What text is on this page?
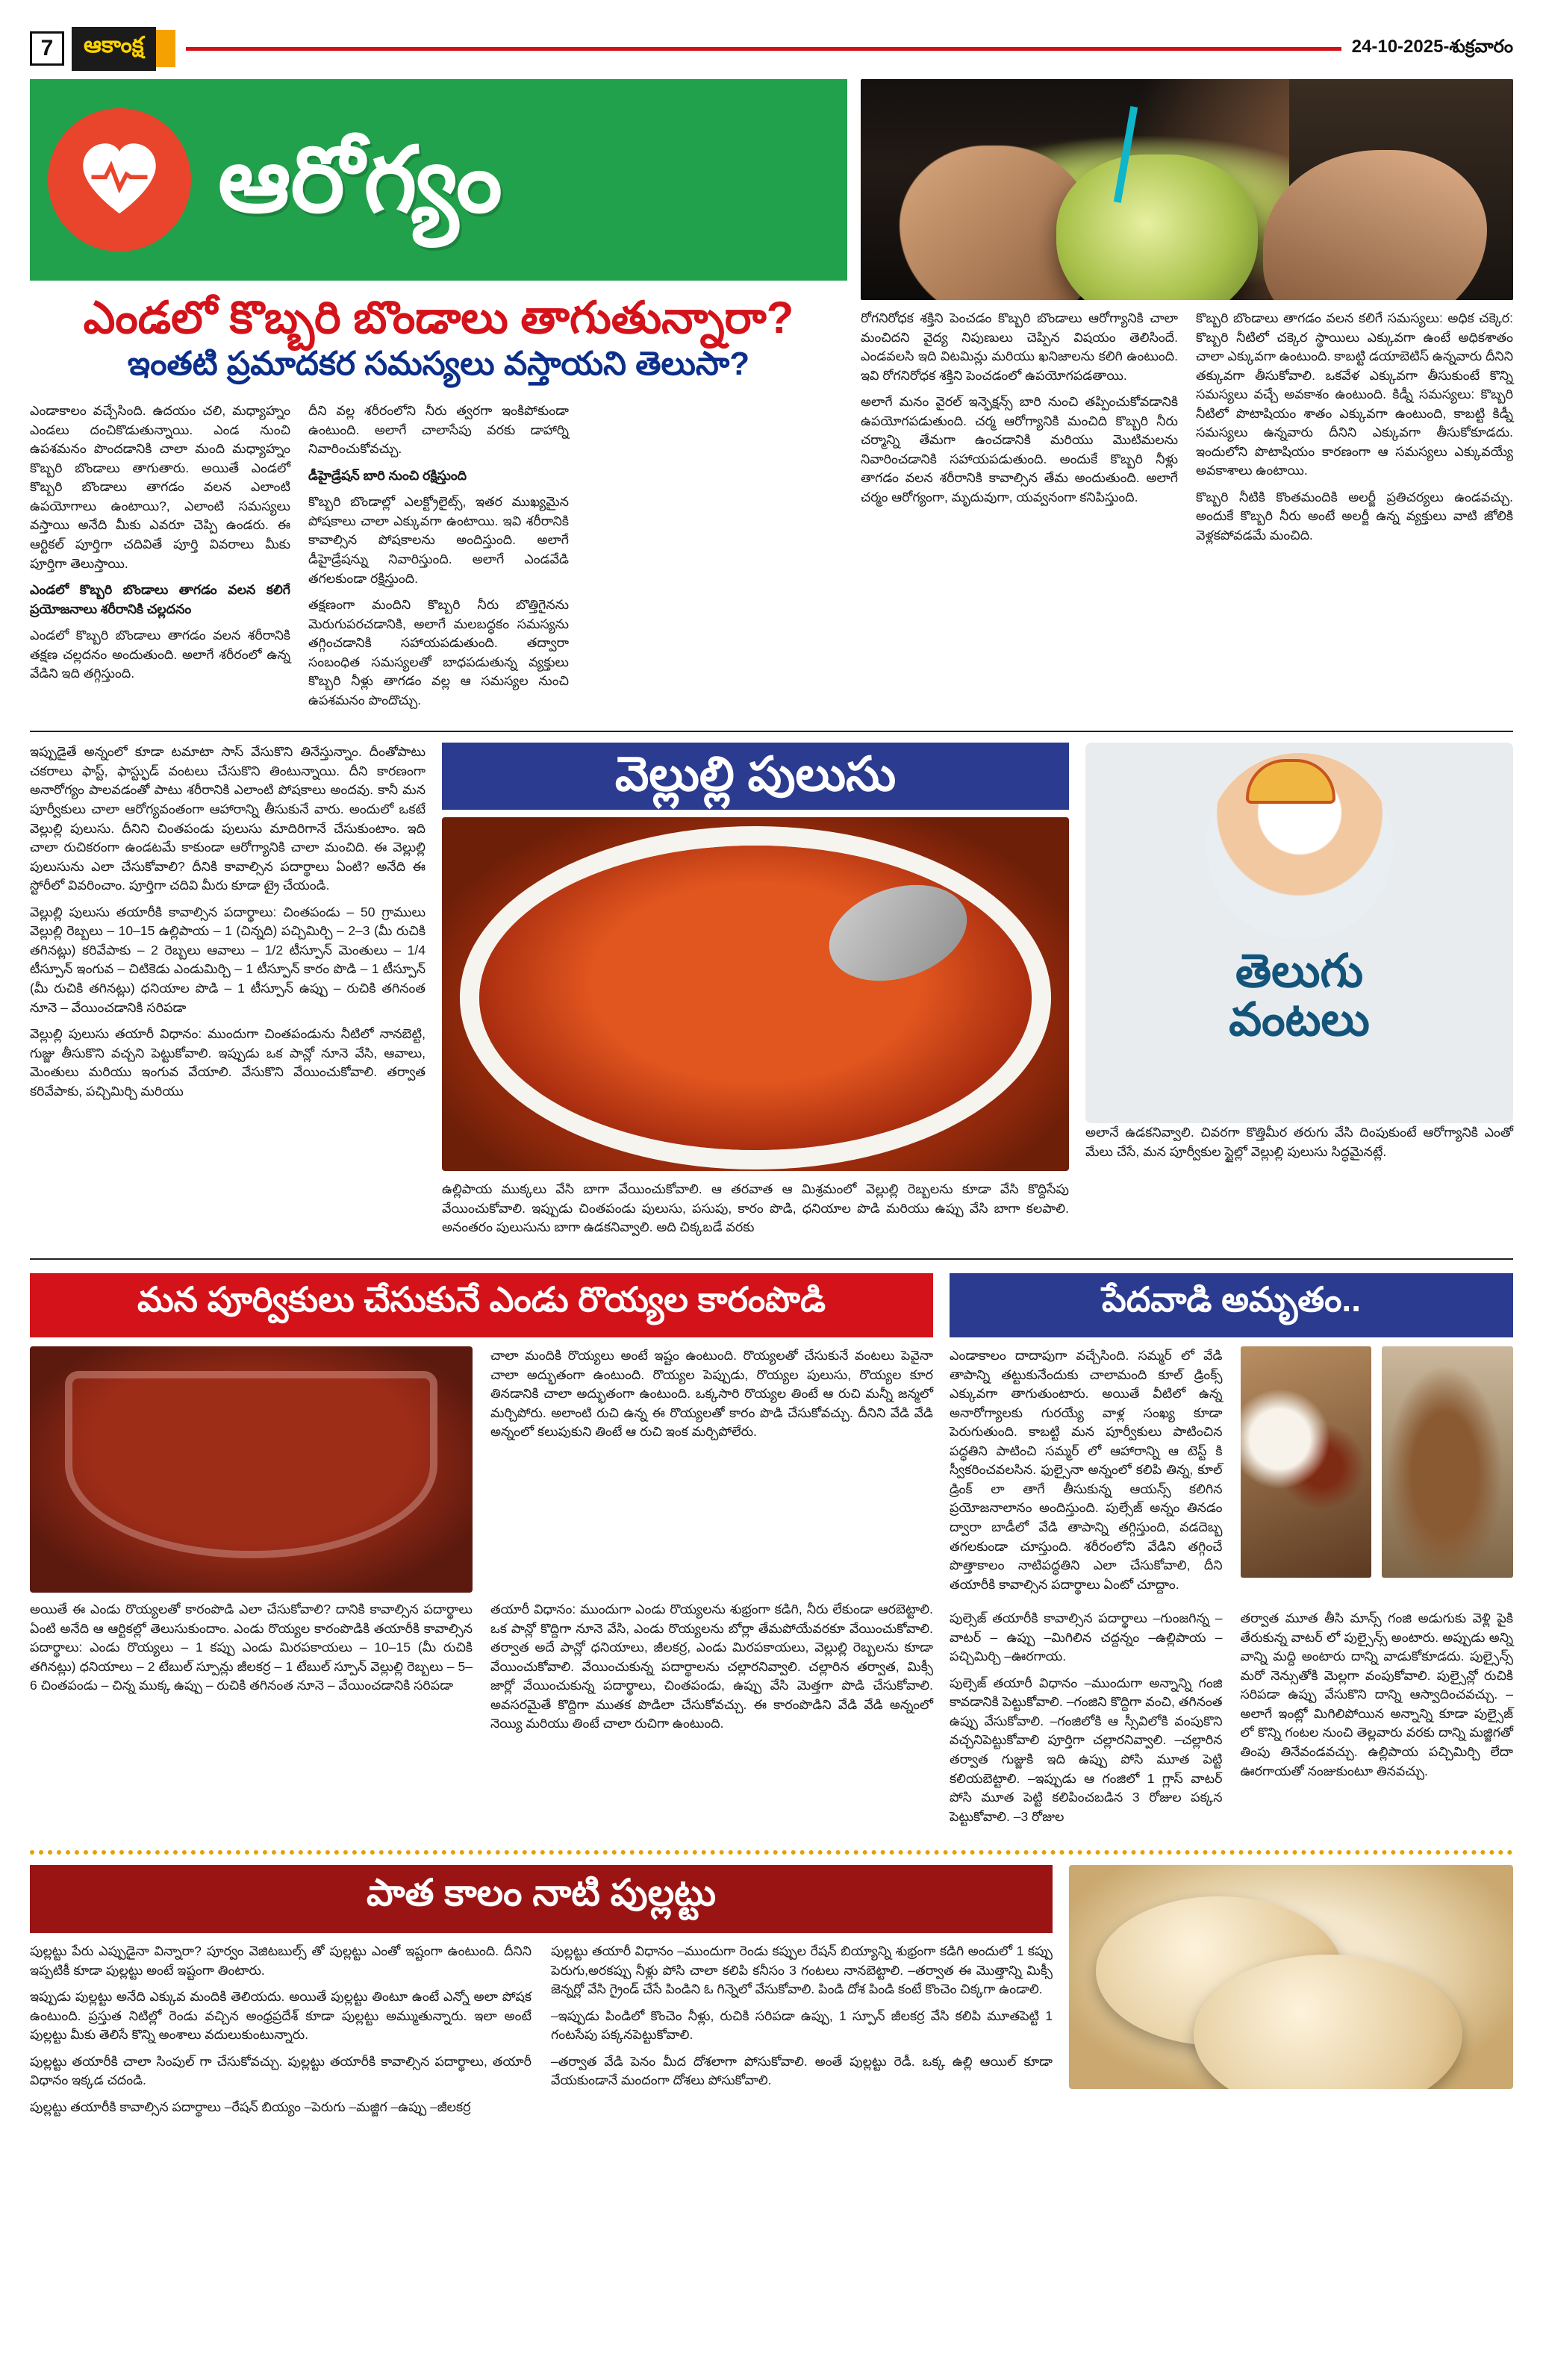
7	ఆకాంక్ష	24-10-2025-శుక్రవారం
ఆరోగ్యం
ఎండలో కొబ్బరి బొండాలు తాగుతున్నారా?
ఇంతటి ప్రమాదకర సమస్యలు వస్తాయని తెలుసా?

ఎండాకాలం వచ్చేసింది. ఉదయం చలి, మధ్యాహ్నం ఎండలు దంచికొడుతున్నాయి. ఎండ నుంచి ఉపశమనం పొందడానికి చాలా మంది మధ్యాహ్నం కొబ్బరి బొండాలు తాగుతారు. అయితే ఎండలో కొబ్బరి బొండాలు తాగడం వలన ఎలాంటి ఉపయోగాలు ఉంటాయి?, ఎలాంటి సమస్యలు వస్తాయి అనేది మీకు ఎవరూ చెప్పి ఉండరు. ఈ ఆర్టికల్ పూర్తిగా చదివితే పూర్తి వివరాలు మీకు పూర్తిగా తెలుస్తాయి.

ఎండలో కొబ్బరి బొండాలు తాగడం వలన కలిగే ప్రయోజనాలు శరీరానికి చల్లదనం

ఎండలో కొబ్బరి బొండాలు తాగడం వలన శరీరానికి తక్షణ చల్లదనం అందుతుంది. అలాగే శరీరంలో ఉన్న వేడిని ఇది తగ్గిస్తుంది.

దీని వల్ల శరీరంలోని నీరు త్వరగా ఇంకిపోకుండా ఉంటుంది. అలాగే చాలాసేపు వరకు డాహార్ని నివారించుకోవచ్చు.

డీహైడ్రేషన్ బారి నుంచి రక్షిస్తుంది

కొబ్బరి బొండాల్లో ఎలక్ట్రోలైట్స్, ఇతర ముఖ్యమైన పోషకాలు చాలా ఎక్కువగా ఉంటాయి. ఇవి శరీరానికి కావాల్సిన పోషకాలను అందిస్తుంది. అలాగే డీహైడ్రేషన్ను నివారిస్తుంది. అలాగే ఎండవేడి తగలకుండా రక్షిస్తుంది.

తక్షణంగా మందిని కొబ్బరి నీరు బొత్తిగైనను మెరుగుపరచడానికి, అలాగే మలబద్ధకం సమస్యను తగ్గించడానికి సహాయపడుతుంది. తద్వారా సంబంధిత సమస్యలతో బాధపడుతున్న వ్యక్తులు కొబ్బరి నీళ్లు తాగడం వల్ల ఆ సమస్యల నుంచి ఉపశమనం పొందొచ్చు.

రోగనిరోధక శక్తిని పెంచడం కొబ్బరి బొండాలు ఆరోగ్యానికి చాలా మంచిదని వైద్య నిపుణులు చెప్పిన విషయం తెలిసిందే. ఎండవలసి ఇది విటమిన్లు మరియు ఖనిజాలను కలిగి ఉంటుంది. ఇవి రోగనిరోధక శక్తిని పెంచడంలో ఉపయోగపడతాయి.

అలాగే మనం వైరల్ ఇన్ఫెక్షన్స్ బారి నుంచి తప్పించుకోవడానికి ఉపయోగపడుతుంది. చర్మ ఆరోగ్యానికి మంచిది కొబ్బరి నీరు చర్మాన్ని తేమగా ఉంచడానికి మరియు మొటిమలను నివారించడానికి సహాయపడుతుంది. అందుకే కొబ్బరి నీళ్లు తాగడం వలన శరీరానికి కావాల్సిన తేమ అందుతుంది. అలాగే చర్మం ఆరోగ్యంగా, మృదువుగా, యవ్వనంగా కనిపిస్తుంది.

కొబ్బరి బొండాలు తాగడం వలన కలిగే సమస్యలు: అధిక చక్కెర: కొబ్బరి నీటిలో చక్కెర స్థాయిలు ఎక్కువగా ఉంటే అధికశాతం చాలా ఎక్కువగా ఉంటుంది. కాబట్టి డయాబెటిస్ ఉన్నవారు దీనిని తక్కువగా తీసుకోవాలి. ఒకవేళ ఎక్కువగా తీసుకుంటే కొన్ని సమస్యలు వచ్చే అవకాశం ఉంటుంది. కిడ్నీ సమస్యలు: కొబ్బరి నీటిలో పొటాషియం శాతం ఎక్కువగా ఉంటుంది, కాబట్టి కిడ్నీ సమస్యలు ఉన్నవారు దీనిని ఎక్కువగా తీసుకోకూడదు. ఇందులోని పొటాషియం కారణంగా ఆ సమస్యలు ఎక్కువయ్యే అవకాశాలు ఉంటాయి.

కొబ్బరి నీటికి కొంతమందికి అలర్జీ ప్రతిచర్యలు ఉండవచ్చు. అందుకే కొబ్బరి నీరు అంటే అలర్జీ ఉన్న వ్యక్తులు వాటి జోలికి వెళ్లకపోవడమే మంచిది.

ఇప్పుడైతే అన్నంలో కూడా టమాటా సాస్ వేసుకొని తినేస్తున్నాం. దీంతోపాటు చకరాలు ఫాస్ట్, ఫాస్ట్ఫుడ్ వంటలు చేసుకొని తింటున్నాయి. దీని కారణంగా అనారోగ్యం పాలవడంతో పాటు శరీరానికి ఎలాంటి పోషకాలు అందవు. కానీ మన పూర్వీకులు చాలా ఆరోగ్యవంతంగా ఆహారాన్ని తీసుకునే వారు. అందులో ఒకటే వెల్లుల్లి పులుసు. దీనిని చింతపండు పులుసు మాదిరిగానే చేసుకుంటాం. ఇది చాలా రుచికరంగా ఉండటమే కాకుండా ఆరోగ్యానికి చాలా మంచిది. ఈ వెల్లుల్లి పులుసును ఎలా చేసుకోవాలి? దీనికి కావాల్సిన పదార్థాలు ఏంటి? అనేది ఈ స్టోరీలో వివరించాం. పూర్తిగా చదివి మీరు కూడా ట్రై చేయండి.

వెల్లుల్లి పులుసు తయారీకి కావాల్సిన పదార్థాలు: చింతపండు – 50 గ్రాములు వెల్లుల్లి రెబ్బలు – 10–15 ఉల్లిపాయ – 1 (చిన్నది) పచ్చిమిర్చి – 2–3 (మీ రుచికి తగినట్లు) కరివేపాకు – 2 రెబ్బలు ఆవాలు – 1/2 టీస్పూన్ మెంతులు – 1/4 టీస్పూన్ ఇంగువ – చిటికెడు ఎండుమిర్చి – 1 టీస్పూన్ కారం పొడి – 1 టీస్పూన్ (మీ రుచికి తగినట్లు) ధనియాల పొడి – 1 టీస్పూన్ ఉప్పు – రుచికి తగినంత నూనె – వేయించడానికి సరిపడా

వెల్లుల్లి పులుసు తయారీ విధానం: ముందుగా చింతపండును నీటిలో నానబెట్టి, గుజ్జు తీసుకొని వచ్చని పెట్టుకోవాలి. ఇప్పుడు ఒక పాన్లో నూనె వేసి, ఆవాలు, మెంతులు మరియు ఇంగువ వేయాలి. వేసుకొని వేయించుకోవాలి. తర్వాత కరివేపాకు, పచ్చిమిర్చి మరియు

వెల్లుల్లి పులుసు

ఉల్లిపాయ ముక్కలు వేసి బాగా వేయించుకోవాలి. ఆ తరవాత ఆ మిశ్రమంలో వెల్లుల్లి రెబ్బలను కూడా వేసి కొద్దిసేపు వేయించుకోవాలి. ఇప్పుడు చింతపండు పులుసు, పసుపు, కారం పొడి, ధనియాల పొడి మరియు ఉప్పు వేసి బాగా కలపాలి. అనంతరం పులుసును బాగా ఉడకనివ్వాలి. అది చిక్కబడే వరకు

తెలుగు
వంటలు

అలానే ఉడకనివ్వాలి. చివరగా కొత్తిమీర తరుగు వేసి దింపుకుంటే ఆరోగ్యానికి ఎంతో మేలు చేసే, మన పూర్వీకుల స్టైల్లో వెల్లుల్లి పులుసు సిద్ధమైనట్లే.

మన పూర్వికులు చేసుకునే ఎండు రొయ్యల కారంపొడి

చాలా మందికి రొయ్యలు అంటే ఇష్టం ఉంటుంది. రొయ్యలతో చేసుకునే వంటలు పెవైనా చాలా అద్భుతంగా ఉంటుంది. రొయ్యల పెప్పుడు, రొయ్యల పులుసు, రొయ్యల కూర తినడానికి చాలా అద్భుతంగా ఉంటుంది. ఒక్కసారి రొయ్యల తింటే ఆ రుచి మన్నీ జన్మలో మర్చిపోరు. అలాంటి రుచి ఉన్న ఈ రొయ్యలతో కారం పొడి చేసుకోవచ్చు. దీనిని వేడి వేడి అన్నంలో కలుపుకుని తింటే ఆ రుచి ఇంక మర్చిపోలేరు.

అయితే ఈ ఎండు రొయ్యలతో కారంపొడి ఎలా చేసుకోవాలి? దానికి కావాల్సిన పదార్థాలు ఏంటి అనేది ఆ ఆర్టికల్లో తెలుసుకుందాం. ఎండు రొయ్యల కారంపొడికి తయారీకి కావాల్సిన పదార్థాలు: ఎండు రొయ్యలు – 1 కప్పు ఎండు మిరపకాయలు – 10–15 (మీ రుచికి తగినట్లు) ధనియాలు – 2 టేబుల్ స్పూన్లు జీలకర్ర – 1 టేబుల్ స్పూన్ వెల్లుల్లి రెబ్బలు – 5–6 చింతపండు – చిన్న ముక్క ఉప్పు – రుచికి తగినంత నూనె – వేయించడానికి సరిపడా

తయారీ విధానం: ముందుగా ఎండు రొయ్యలను శుభ్రంగా కడిగి, నీరు లేకుండా ఆరబెట్టాలి. ఒక పాన్లో కొద్దిగా నూనె వేసి, ఎండు రొయ్యలను బోర్లా తేమపోయేవరకూ వేయించుకోవాలి. తర్వాత అదే పాన్లో ధనియాలు, జీలకర్ర, ఎండు మిరపకాయలు, వెల్లుల్లి రెబ్బలను కూడా వేయించుకోవాలి. వేయించుకున్న పదార్థాలను చల్లారనివ్వాలి. చల్లారిన తర్వాత, మిక్సీ జార్లో వేయించుకున్న పదార్థాలు, చింతపండు, ఉప్పు వేసి మెత్తగా పొడి చేసుకోవాలి. అవసరమైతే కొద్దిగా ముతక పొడిలా చేసుకోవచ్చు. ఈ కారంపొడిని వేడి వేడి అన్నంలో నెయ్యి మరియు తింటే చాలా రుచిగా ఉంటుంది.

పేదవాడి అమృతం..

ఎండాకాలం దాదాపుగా వచ్చేసింది. సమ్మర్ లో వేడి తాపాన్ని తట్టుకునేందుకు చాలామంది కూల్ డ్రింక్స్ ఎక్కువగా తాగుతుంటారు. అయితే వీటిలో ఉన్న అనారోగ్యాలకు గురయ్యే వాళ్ల సంఖ్య కూడా పెరుగుతుంది. కాబట్టి మన పూర్వీకులు పాటించిన పద్ధతిని పాటించి సమ్మర్ లో ఆహారాన్ని ఆ టెస్ట్ కి స్వీకరించవలసిన. ఫుల్సైనా అన్నంలో కలిపి తిన్న, కూల్ డ్రింక్ లా తాగే తీసుకున్న ఆయన్స్ కలిగిన ప్రయోజనాలానం అందిస్తుంది. పుల్సేజ్ అన్నం తినడం ద్వారా బాడీలో వేడి తాపాన్ని తగ్గిస్తుంది, వడదెబ్బ తగలకుండా చూస్తుంది. శరీరంలోని వేడిని తగ్గించే పొత్తాకాలం నాటిపద్ధతిని ఎలా చేసుకోవాలి, దీని తయారీకి కావాల్సిన పదార్థాలు ఏంటో చూద్దాం.

పుల్సెజ్ తయారీకి కావాల్సిన పదార్థాలు –గుంజగిన్న –వాటర్ – ఉప్పు –మిగిలిన చద్దన్నం –ఉల్లిపాయ –పచ్చిమిర్చి –ఊరగాయ.

పుల్సెజ్ తయారీ విధానం –ముందుగా అన్నాన్ని గంజి కావడానికి పెట్టుకోవాలి. –గంజిని కొద్దిగా వంచి, తగినంత ఉప్పు వేసుకోవాలి. –గంజిలోకి ఆ స్సీవిలోకి వంపుకొని వచ్చనిపెట్టుకోవాలి పూర్తిగా చల్లారనివ్వాలి. –చల్లారిన తర్వాత గుజ్జుకి ఇది ఉప్పు పోసి మూత పెట్టి కలియబెట్టాలి. –ఇప్పుడు ఆ గంజిలో 1 గ్లాస్ వాటర్ పోసి మూత పెట్టి కలిపించబడిన 3 రోజుల పక్కన పెట్టుకోవాలి. –3 రోజుల

తర్వాత మూత తీసి మాన్స్ గంజి అడుగుకు వెళ్లి పైకి తేరుకున్న వాటర్ లో పుల్సైన్స్ అంటారు. అప్పుడు అన్ని వాన్ని మద్ది అంటారు దాన్ని వాడుకోకూడదు. పుల్సైన్స్ మరో నెన్సుతోకి మెల్లగా వంపుకోవాలి. పుల్సైన్లో రుచికి సరిపడా ఉప్పు వేసుకొని దాన్ని ఆస్వాదించవచ్చు. –అలాగే ఇంట్లో మిగిలిపోయిన అన్నాన్ని కూడా పుల్సైజ్ లో కొన్ని గంటల నుంచి తెల్లవారు వరకు దాన్ని మజ్జిగతో తింపు తినేవండవచ్చు. ఉల్లిపాయ పచ్చిమిర్చి లేదా ఊరగాయతో నంజుకుంటూ తినవచ్చు.

పాత కాలం నాటి పుల్లట్టు

పుల్లట్టు పేరు ఎప్పుడైనా విన్నారా? పూర్వం వెజిటబుల్స్ తో పుల్లట్టు ఎంతో ఇష్టంగా ఉంటుంది. దీనిని ఇప్పటికీ కూడా పుల్లట్టు అంటే ఇష్టంగా తింటారు.

ఇప్పుడు పుల్లట్టు అనేది ఎక్కువ మందికి తెలియదు. అయితే పుల్లట్టు తింటూ ఉంటే ఎన్నో అలా పోషక ఉంటుంది. ప్రస్తుత నిటిల్లో రెండు వచ్చిన అంధ్రప్రదేశ్ కూడా పుల్లట్టు అమ్ముతున్నారు. ఇలా అంటే పుల్లట్టు మీకు తెలిసే కొన్ని అంశాలు వదులుకుంటున్నారు.

పుల్లట్టు తయారీకి చాలా సింపుల్ గా చేసుకోవచ్చు. పుల్లట్టు తయారీకి కావాల్సిన పదార్థాలు, తయారీ విధానం ఇక్కడ చదండి.

పుల్లట్టు తయారీకి కావాల్సిన పదార్థాలు –రేషన్ బియ్యం –పెరుగు –మజ్జిగ –ఉప్పు –జీలకర్ర

పుల్లట్టు తయారీ విధానం –ముందుగా రెండు కప్పుల రేషన్ బియ్యాన్ని శుభ్రంగా కడిగి అందులో 1 కప్పు పెరుగు,అరకప్పు నీళ్లు పోసి చాలా కలిపి కనీసం 3 గంటలు నానబెట్టాలి. –తర్వాత ఈ మొత్తాన్ని మిక్సీ జెన్నర్లో వేసి గ్రైండ్ చేసే పిండిని ఓ గిన్నెలో వేసుకోవాలి. పిండి దోశ పిండి కంటే కొంచెం చిక్కగా ఉండాలి.

–ఇప్పుడు పిండిలో కొంచెం నీళ్లు, రుచికి సరిపడా ఉప్పు, 1 స్పూన్ జీలకర్ర వేసి కలిపి మూతపెట్టి 1 గంటసేపు పక్కనపెట్టుకోవాలి.

–తర్వాత వేడి పెనం మీద దోశలాగా పోసుకోవాలి. అంతే పుల్లట్టు రెడీ. ఒక్క ఉల్లి ఆయిల్ కూడా వేయకుండానే మందంగా దోశలు పోసుకోవాలి.
